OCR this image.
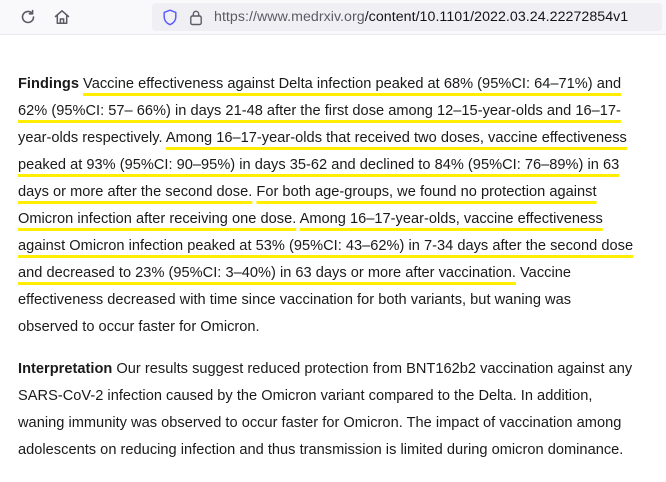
https://www.medrxiv.org/content/10.1101/2022.03.24.22272854v1
Findings Vaccine effectiveness against Delta infection peaked at 68% (95%CI: 64–71%) and
62% (95%CI: 57– 66%) in days 21-48 after the first dose among 12–15-year-olds and 16–17-
year-olds respectively. Among 16–17-year-olds that received two doses, vaccine effectiveness
peaked at 93% (95%CI: 90–95%) in days 35-62 and declined to 84% (95%CI: 76–89%) in 63
days or more after the second dose. For both age-groups, we found no protection against
Omicron infection after receiving one dose. Among 16–17-year-olds, vaccine effectiveness
against Omicron infection peaked at 53% (95%CI: 43–62%) in 7-34 days after the second dose
and decreased to 23% (95%CI: 3–40%) in 63 days or more after vaccination. Vaccine
effectiveness decreased with time since vaccination for both variants, but waning was
observed to occur faster for Omicron.
Interpretation Our results suggest reduced protection from BNT162b2 vaccination against any
SARS-CoV-2 infection caused by the Omicron variant compared to the Delta. In addition,
waning immunity was observed to occur faster for Omicron. The impact of vaccination among
adolescents on reducing infection and thus transmission is limited during omicron dominance.
